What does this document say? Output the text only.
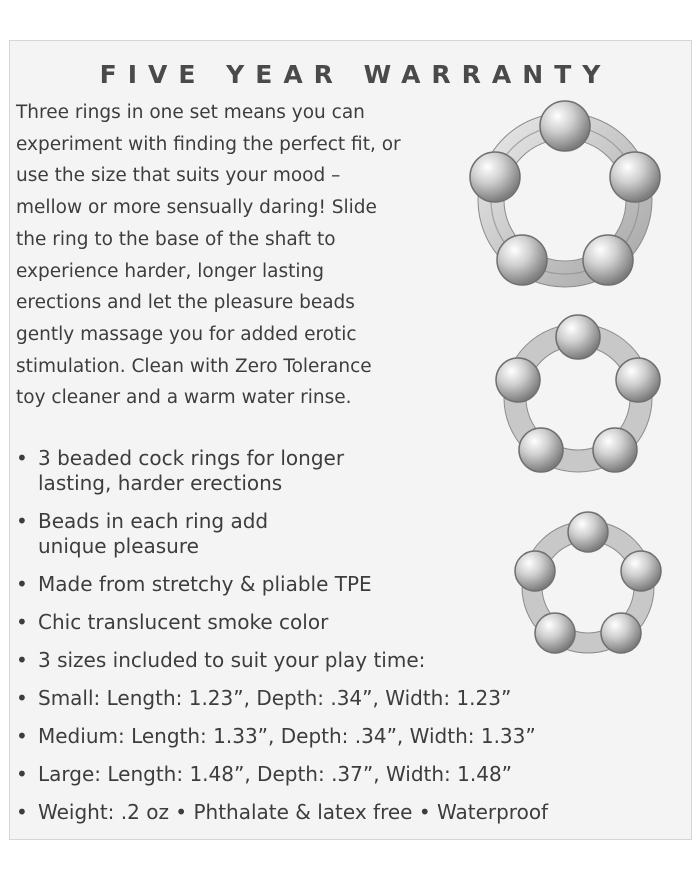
FIVE YEAR WARRANTY
Three rings in one set means you can
experiment with finding the perfect fit, or
use the size that suits your mood –
mellow or more sensually daring! Slide
the ring to the base of the shaft to
experience harder, longer lasting
erections and let the pleasure beads
gently massage you for added erotic
stimulation. Clean with Zero Tolerance
toy cleaner and a warm water rinse.
• 3 beaded cock rings for longer
lasting, harder erections
• Beads in each ring add
unique pleasure
• Made from stretchy & pliable TPE
• Chic translucent smoke color
• 3 sizes included to suit your play time:
• Small: Length: 1.23”, Depth: .34”, Width: 1.23”
• Medium: Length: 1.33”, Depth: .34”, Width: 1.33”
• Large: Length: 1.48”, Depth: .37”, Width: 1.48”
• Weight: .2 oz • Phthalate & latex free • Waterproof
